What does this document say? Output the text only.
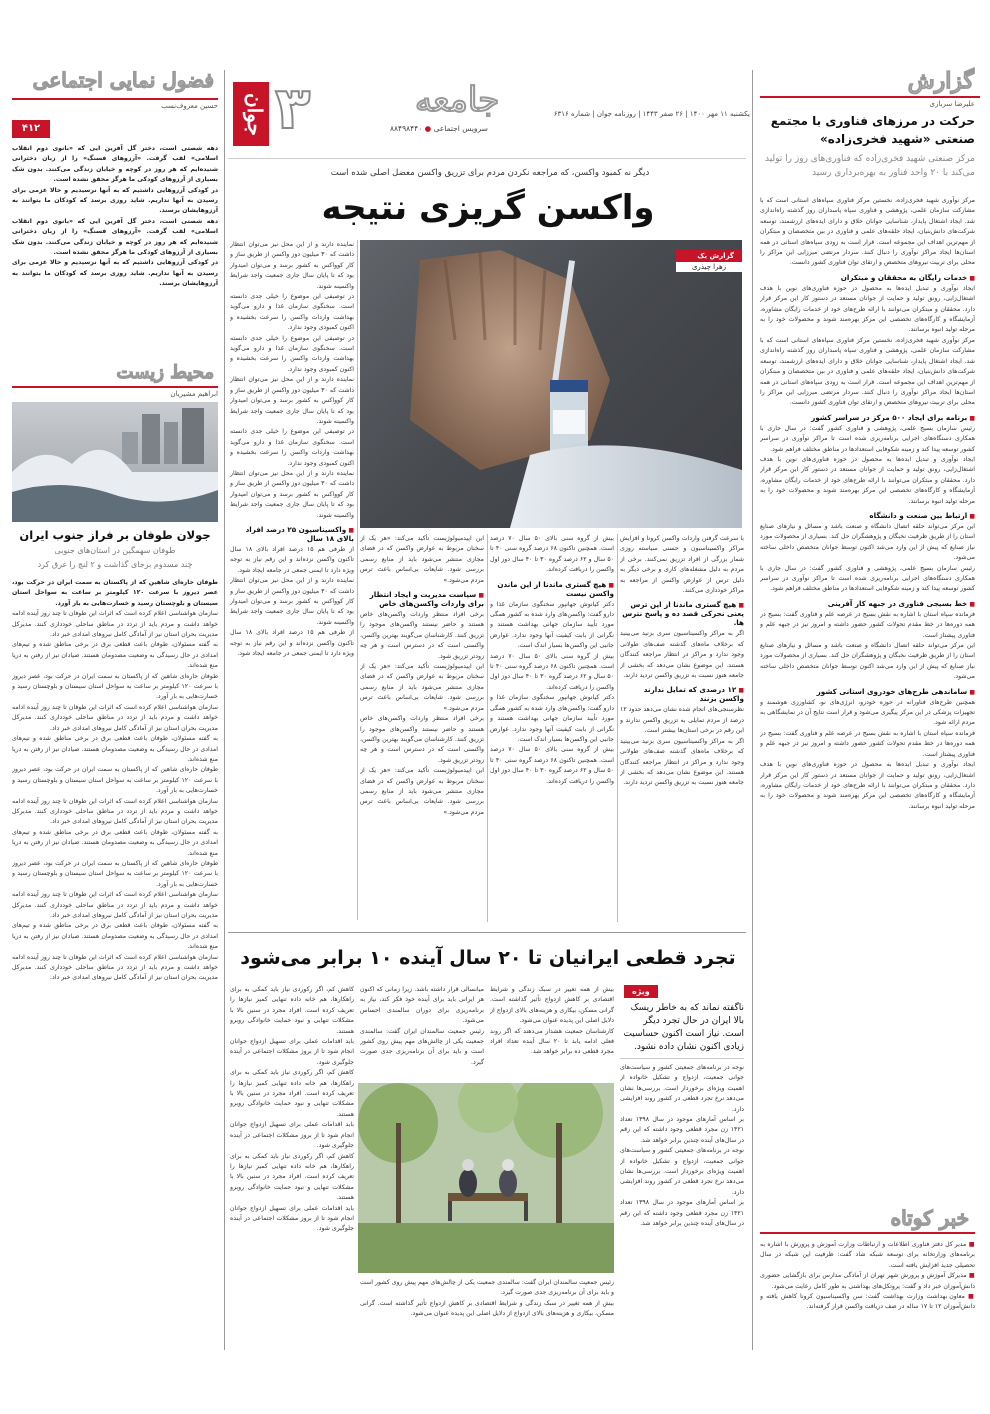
جوان ۳	جامعه
سرویس اجتماعی ● ۸۸۴۹۸۴۴۰
یکشنبه ۱۱ مهر ۱۴۰۰ | ۲۶ صفر ۱۴۴۳ | روزنامه جوان | شماره ۶۳۱۶
دیگر نه کمبود واکسن، که مراجعه نکردن مردم برای تزریق واکسن معضل اصلی شده است
واکسن گریزی نتیجه
گزارش یک
زهرا چیذری

نماینده دارند و از این محل نیز می‌توان انتظار داشت که ۳۰ میلیون دوز واکسن از طریق ساز و کار کوواکس به کشور برسد و می‌توان امیدوار بود که تا پایان سال جاری جمعیت واجد شرایط واکسینه شوند.

در توصیفی این موضوع را خیلی جدی دانسته است. سخنگوی سازمان غذا و دارو می‌گوید بهداشت واردات واکسن را سرعت بخشیده و اکنون کمبودی وجود ندارد.

در توصیفی این موضوع را خیلی جدی دانسته است. سخنگوی سازمان غذا و دارو می‌گوید بهداشت واردات واکسن را سرعت بخشیده و اکنون کمبودی وجود ندارد.

نماینده دارند و از این محل نیز می‌توان انتظار داشت که ۳۰ میلیون دوز واکسن از طریق ساز و کار کوواکس به کشور برسد و می‌توان امیدوار بود که تا پایان سال جاری جمعیت واجد شرایط واکسینه شوند.

در توصیفی این موضوع را خیلی جدی دانسته است. سخنگوی سازمان غذا و دارو می‌گوید بهداشت واردات واکسن را سرعت بخشیده و اکنون کمبودی وجود ندارد.

نماینده دارند و از این محل نیز می‌توان انتظار داشت که ۳۰ میلیون دوز واکسن از طریق ساز و کار کوواکس به کشور برسد و می‌توان امیدوار بود که تا پایان سال جاری جمعیت واجد شرایط واکسینه شوند.

■ واکسیناسیون ۲۵ درصد افراد بالای ۱۸ سال

از طرفی هم ۱۵ درصد افراد بالای ۱۸ سال تاکنون واکسن نزده‌اند و این رقم نیاز به توجه ویژه دارد تا ایمنی جمعی در جامعه ایجاد شود.

نماینده دارند و از این محل نیز می‌توان انتظار داشت که ۳۰ میلیون دوز واکسن از طریق ساز و کار کوواکس به کشور برسد و می‌توان امیدوار بود که تا پایان سال جاری جمعیت واجد شرایط واکسینه شوند.

از طرفی هم ۱۵ درصد افراد بالای ۱۸ سال تاکنون واکسن نزده‌اند و این رقم نیاز به توجه ویژه دارد تا ایمنی جمعی در جامعه ایجاد شود.

این اپیدمیولوژیست تأکید می‌کند: «هر یک از سخنان مربوط به عوارض واکسن که در فضای مجازی منتشر می‌شود باید از منابع رسمی بررسی شود. شایعات بی‌اساس باعث ترس مردم می‌شود.»

■ سیاست مدیریت و ایجاد انتظار برای واردات واکسن‌های خاص

برخی افراد منتظر واردات واکسن‌های خاص هستند و حاضر نیستند واکسن‌های موجود را تزریق کنند. کارشناسان می‌گویند بهترین واکسن، واکسنی است که در دسترس است و هر چه زودتر تزریق شود.

این اپیدمیولوژیست تأکید می‌کند: «هر یک از سخنان مربوط به عوارض واکسن که در فضای مجازی منتشر می‌شود باید از منابع رسمی بررسی شود. شایعات بی‌اساس باعث ترس مردم می‌شود.»

برخی افراد منتظر واردات واکسن‌های خاص هستند و حاضر نیستند واکسن‌های موجود را تزریق کنند. کارشناسان می‌گویند بهترین واکسن، واکسنی است که در دسترس است و هر چه زودتر تزریق شود.

این اپیدمیولوژیست تأکید می‌کند: «هر یک از سخنان مربوط به عوارض واکسن که در فضای مجازی منتشر می‌شود باید از منابع رسمی بررسی شود. شایعات بی‌اساس باعث ترس مردم می‌شود.»

بیش از گروه سنی بالای ۵۰ سال ۷۰ درصد است. همچنین تاکنون ۶۸ درصد گروه سنی ۴۰ تا ۵۰ سال و ۶۲ درصد گروه ۳۰ تا ۴۰ سال دوز اول واکسن را دریافت کرده‌اند.

■ هیچ گستری ماندنا از این ماندن واکسن نیست

دکتر کیانوش جهانپور سخنگوی سازمان غذا و دارو گفت: واکسن‌های وارد شده به کشور همگی مورد تأیید سازمان جهانی بهداشت هستند و نگرانی از بابت کیفیت آنها وجود ندارد. عوارض جانبی این واکسن‌ها بسیار اندک است.

بیش از گروه سنی بالای ۵۰ سال ۷۰ درصد است. همچنین تاکنون ۶۸ درصد گروه سنی ۴۰ تا ۵۰ سال و ۶۲ درصد گروه ۳۰ تا ۴۰ سال دوز اول واکسن را دریافت کرده‌اند.

دکتر کیانوش جهانپور سخنگوی سازمان غذا و دارو گفت: واکسن‌های وارد شده به کشور همگی مورد تأیید سازمان جهانی بهداشت هستند و نگرانی از بابت کیفیت آنها وجود ندارد. عوارض جانبی این واکسن‌ها بسیار اندک است.

بیش از گروه سنی بالای ۵۰ سال ۷۰ درصد است. همچنین تاکنون ۶۸ درصد گروه سنی ۴۰ تا ۵۰ سال و ۶۲ درصد گروه ۳۰ تا ۴۰ سال دوز اول واکسن را دریافت کرده‌اند.

با سرعت گرفتن واردات واکسن کرونا و افزایش مراکز واکسیناسیون و حسنی سیاسته روزی شمار بزرگی از افراد تزریق نمی‌کنند. برخی از مردم به دلیل مشغله‌های کاری و برخی دیگر به دلیل ترس از عوارض واکسن از مراجعه به مراکز خودداری می‌کنند.

■ هیچ گستری ماندنا از این ترس یعنی نحرکی قصد ده و پاسخ نترس ها.

اگر به مراکز واکسیناسیون سری بزنید می‌بینید که برخلاف ماه‌های گذشته صف‌های طولانی وجود ندارد و مراکز در انتظار مراجعه کنندگان هستند. این موضوع نشان می‌دهد که بخشی از جامعه هنوز نسبت به تزریق واکسن تردید دارند.

■ ۱۲ درصدی که تمایل ندارند واکسن بزنند

نظرسنجی‌های انجام شده نشان می‌دهد حدود ۱۲ درصد از مردم تمایلی به تزریق واکسن ندارند و این رقم در برخی استان‌ها بیشتر است.

اگر به مراکز واکسیناسیون سری بزنید می‌بینید که برخلاف ماه‌های گذشته صف‌های طولانی وجود ندارد و مراکز در انتظار مراجعه کنندگان هستند. این موضوع نشان می‌دهد که بخشی از جامعه هنوز نسبت به تزریق واکسن تردید دارند.

تجرد قطعی ایرانیان تا ۲۰ سال آینده ۱۰ برابر می‌شود

کاهش کم، اگر رکوردی نیاز باید کمکی به برای راهکارها، هم خانه داده تنهایی کمیز نیازها را تعریف کرده است. افراد مجرد در سنین بالا با مشکلات تنهایی و نبود حمایت خانوادگی روبرو هستند.

باید اقدامات عملی برای تسهیل ازدواج جوانان انجام شود تا از بروز مشکلات اجتماعی در آینده جلوگیری شود.

کاهش کم، اگر رکوردی نیاز باید کمکی به برای راهکارها، هم خانه داده تنهایی کمیز نیازها را تعریف کرده است. افراد مجرد در سنین بالا با مشکلات تنهایی و نبود حمایت خانوادگی روبرو هستند.

باید اقدامات عملی برای تسهیل ازدواج جوانان انجام شود تا از بروز مشکلات اجتماعی در آینده جلوگیری شود.

کاهش کم، اگر رکوردی نیاز باید کمکی به برای راهکارها، هم خانه داده تنهایی کمیز نیازها را تعریف کرده است. افراد مجرد در سنین بالا با مشکلات تنهایی و نبود حمایت خانوادگی روبرو هستند.

باید اقدامات عملی برای تسهیل ازدواج جوانان انجام شود تا از بروز مشکلات اجتماعی در آینده جلوگیری شود.

میانسالی قرار داشته باشد. زیرا زمانی که اکنون هر ایرانی باید برای آینده خود فکر کند، نیاز به برنامه‌ریزی برای دوران سالمندی احساس می‌شود.

رئیس جمعیت سالمندان ایران گفت: سالمندی جمعیت یکی از چالش‌های مهم پیش روی کشور است و باید برای آن برنامه‌ریزی جدی صورت گیرد.

بیش از همه تغییر در سبک زندگی و شرایط اقتصادی بر کاهش ازدواج تأثیر گذاشته است. گرانی مسکن، بیکاری و هزینه‌های بالای ازدواج از دلایل اصلی این پدیده عنوان می‌شود.

کارشناسان جمعیت هشدار می‌دهند که اگر روند فعلی ادامه یابد تا ۲۰ سال آینده تعداد افراد مجرد قطعی ده برابر خواهد شد.

ویژه

ناگفته نماند که به خاطر ریسک بالا ایران در حال تجرد دیگر است. نیاز است اکنون حساسیت زیادی اکنون نشان داده نشود.

نوجه در برنامه‌های جمعیتی کشور و سیاست‌های جوانی جمعیت، ازدواج و تشکیل خانواده از اهمیت ویژه‌ای برخوردار است. بررسی‌ها نشان می‌دهد نرخ تجرد قطعی در کشور روند افزایشی دارد.

بر اساس آمارهای موجود در سال ۱۳۹۸ تعداد ۱۴۲۱ زن مجرد قطعی وجود داشته که این رقم در سال‌های آینده چندین برابر خواهد شد.

نوجه در برنامه‌های جمعیتی کشور و سیاست‌های جوانی جمعیت، ازدواج و تشکیل خانواده از اهمیت ویژه‌ای برخوردار است. بررسی‌ها نشان می‌دهد نرخ تجرد قطعی در کشور روند افزایشی دارد.

بر اساس آمارهای موجود در سال ۱۳۹۸ تعداد ۱۴۲۱ زن مجرد قطعی وجود داشته که این رقم در سال‌های آینده چندین برابر خواهد شد.

رئیس جمعیت سالمندان ایران گفت: سالمندی جمعیت یکی از چالش‌های مهم پیش روی کشور است و باید برای آن برنامه‌ریزی جدی صورت گیرد.

بیش از همه تغییر در سبک زندگی و شرایط اقتصادی بر کاهش ازدواج تأثیر گذاشته است. گرانی مسکن، بیکاری و هزینه‌های بالای ازدواج از دلایل اصلی این پدیده عنوان می‌شود.

گزارش
علیرضا سربازی
حرکت در مرزهای فناوری با مجتمع صنعتی «شهید فخری‌زاده»
مرکز صنعتی شهید فخری‌زاده که فناوری‌های روز را تولید می‌کند با ۲۰ واحد فناور به بهره‌برداری رسید

مرکز نوآوری شهید فخری‌زاده، نخستین مرکز فناوری سپاه‌های استانی است که با مشارکت سازمان علمی، پژوهشی و فناوری سپاه پاسداران روز گذشته راه‌اندازی شد. ایجاد اشتغال پایدار، شناسایی جوانان خلاق و دارای ایده‌های ارزشمند، توسعه شرکت‌های دانش‌بنیان، ایجاد حلقه‌های علمی و فناوری در بین متخصصان و مبتکران از مهم‌ترین اهداف این مجموعه است. قرار است به زودی سپاه‌های استانی در همه استان‌ها ایجاد مراکز نوآوری را دنبال کنند. سردار مرتضی میرزایی این مراکز را محلی برای تربیت نیروهای متخصص و ارتقای توان فناوری کشور دانست.

■ خدمات رایگان به محققان و مبتکران

ایجاد نوآوری و تبدیل ایده‌ها به محصول در حوزه فناوری‌های نوین با هدف اشتغال‌زایی، رونق تولید و حمایت از جوانان مستعد در دستور کار این مرکز قرار دارد. محققان و مبتکران می‌توانند با ارائه طرح‌های خود از خدمات رایگان مشاوره، آزمایشگاه و کارگاه‌های تخصصی این مرکز بهره‌مند شوند و محصولات خود را به مرحله تولید انبوه برسانند.

مرکز نوآوری شهید فخری‌زاده، نخستین مرکز فناوری سپاه‌های استانی است که با مشارکت سازمان علمی، پژوهشی و فناوری سپاه پاسداران روز گذشته راه‌اندازی شد. ایجاد اشتغال پایدار، شناسایی جوانان خلاق و دارای ایده‌های ارزشمند، توسعه شرکت‌های دانش‌بنیان، ایجاد حلقه‌های علمی و فناوری در بین متخصصان و مبتکران از مهم‌ترین اهداف این مجموعه است. قرار است به زودی سپاه‌های استانی در همه استان‌ها ایجاد مراکز نوآوری را دنبال کنند. سردار مرتضی میرزایی این مراکز را محلی برای تربیت نیروهای متخصص و ارتقای توان فناوری کشور دانست.

■ برنامه برای ایجاد ۵۰۰ مرکز در سراسر کشور

رئیس سازمان بسیج علمی، پژوهشی و فناوری کشور گفت: در سال جاری با همکاری دستگاه‌های اجرایی برنامه‌ریزی شده است تا مراکز نوآوری در سراسر کشور توسعه پیدا کند و زمینه شکوفایی استعدادها در مناطق مختلف فراهم شود.

ایجاد نوآوری و تبدیل ایده‌ها به محصول در حوزه فناوری‌های نوین با هدف اشتغال‌زایی، رونق تولید و حمایت از جوانان مستعد در دستور کار این مرکز قرار دارد. محققان و مبتکران می‌توانند با ارائه طرح‌های خود از خدمات رایگان مشاوره، آزمایشگاه و کارگاه‌های تخصصی این مرکز بهره‌مند شوند و محصولات خود را به مرحله تولید انبوه برسانند.

■ ارتباط بین صنعت و دانشگاه

این مرکز می‌تواند حلقه اتصال دانشگاه و صنعت باشد و مسائل و نیازهای صنایع استان را از طریق ظرفیت نخبگان و پژوهشگران حل کند. بسیاری از محصولات مورد نیاز صنایع که پیش از این وارد می‌شد اکنون توسط جوانان متخصص داخلی ساخته می‌شود.

رئیس سازمان بسیج علمی، پژوهشی و فناوری کشور گفت: در سال جاری با همکاری دستگاه‌های اجرایی برنامه‌ریزی شده است تا مراکز نوآوری در سراسر کشور توسعه پیدا کند و زمینه شکوفایی استعدادها در مناطق مختلف فراهم شود.

■ خط بسیجی فناوری در جبهه کار آفرینی

فرمانده سپاه استان با اشاره به نقش بسیج در عرصه علم و فناوری گفت: بسیج در همه دوره‌ها در خط مقدم تحولات کشور حضور داشته و امروز نیز در جبهه علم و فناوری پیشتاز است.

این مرکز می‌تواند حلقه اتصال دانشگاه و صنعت باشد و مسائل و نیازهای صنایع استان را از طریق ظرفیت نخبگان و پژوهشگران حل کند. بسیاری از محصولات مورد نیاز صنایع که پیش از این وارد می‌شد اکنون توسط جوانان متخصص داخلی ساخته می‌شود.

■ ساماندهی طرح‌های خودروی استانی کشور

همچنین طرح‌های فناورانه در حوزه خودرو، انرژی‌های نو، کشاورزی هوشمند و تجهیزات پزشکی در این مرکز پیگیری می‌شود و قرار است نتایج آن در نمایشگاهی به مردم ارائه شود.

فرمانده سپاه استان با اشاره به نقش بسیج در عرصه علم و فناوری گفت: بسیج در همه دوره‌ها در خط مقدم تحولات کشور حضور داشته و امروز نیز در جبهه علم و فناوری پیشتاز است.

ایجاد نوآوری و تبدیل ایده‌ها به محصول در حوزه فناوری‌های نوین با هدف اشتغال‌زایی، رونق تولید و حمایت از جوانان مستعد در دستور کار این مرکز قرار دارد. محققان و مبتکران می‌توانند با ارائه طرح‌های خود از خدمات رایگان مشاوره، آزمایشگاه و کارگاه‌های تخصصی این مرکز بهره‌مند شوند و محصولات خود را به مرحله تولید انبوه برسانند.

خبر کوتاه

■ مدیر کل دفتر فناوری اطلاعات و ارتباطات وزارت آموزش و پرورش با اشاره به برنامه‌های وزارتخانه برای توسعه شبکه شاد گفت: ظرفیت این شبکه در سال تحصیلی جدید افزایش یافته است.

■ مدیرکل آموزش و پرورش شهر تهران از آمادگی مدارس برای بازگشایی حضوری دانش‌آموزان خبر داد و گفت: پروتکل‌های بهداشتی به طور کامل رعایت می‌شود.

■ معاون بهداشت وزارت بهداشت گفت: سن واکسیناسیون کرونا کاهش یافته و دانش‌آموزان ۱۲ تا ۱۷ ساله در صف دریافت واکسن قرار گرفته‌اند.

فضول نمایی اجتماعی
حسین معروف‌نسب
۴۱۲

دهه شصتی است، دختر گل آفرین ایی که «بانوی دوم انقلاب اسلامی» لقب گرفت. «آرزوهای فسنگ» را از زبان دخترانی شنیده‌ایم که هر روز در کوچه و خیابان زندگی می‌کنند. بدون شک بسیاری از آرزوهای کودکی ما هرگز محقق نشده است.

در کودکی آرزوهایی داشتیم که به آنها نرسیدیم و حالا عزمی برای رسیدن به آنها نداریم. شاید روزی برسد که کودکان ما بتوانند به آرزوهایشان برسند.

دهه شصتی است، دختر گل آفرین ایی که «بانوی دوم انقلاب اسلامی» لقب گرفت. «آرزوهای فسنگ» را از زبان دخترانی شنیده‌ایم که هر روز در کوچه و خیابان زندگی می‌کنند. بدون شک بسیاری از آرزوهای کودکی ما هرگز محقق نشده است.

در کودکی آرزوهایی داشتیم که به آنها نرسیدیم و حالا عزمی برای رسیدن به آنها نداریم. شاید روزی برسد که کودکان ما بتوانند به آرزوهایشان برسند.

محیط زیست
ابراهیم مشیریان
جولان طوفان بر فراز جنوب ایران
طوفان سهمگین در استان‌های جنوبی
چند مسدوم برجای گذاشت و ۲ لنچ را غرق کرد

طوفان حاره‌ای شاهین که از پاکستان به سمت ایران در حرکت بود، عصر دیروز با سرعت ۱۲۰ کیلومتر بر ساعت به سواحل استان سیستان و بلوچستان رسید و خسارت‌هایی به بار آورد.

سازمان هواشناسی اعلام کرده است که اثرات این طوفان تا چند روز آینده ادامه خواهد داشت و مردم باید از تردد در مناطق ساحلی خودداری کنند. مدیرکل مدیریت بحران استان نیز از آمادگی کامل نیروهای امدادی خبر داد.

به گفته مسئولان، طوفان باعث قطعی برق در برخی مناطق شده و تیم‌های امدادی در حال رسیدگی به وضعیت مصدومان هستند. صیادان نیز از رفتن به دریا منع شده‌اند.

طوفان حاره‌ای شاهین که از پاکستان به سمت ایران در حرکت بود، عصر دیروز با سرعت ۱۲۰ کیلومتر بر ساعت به سواحل استان سیستان و بلوچستان رسید و خسارت‌هایی به بار آورد.

سازمان هواشناسی اعلام کرده است که اثرات این طوفان تا چند روز آینده ادامه خواهد داشت و مردم باید از تردد در مناطق ساحلی خودداری کنند. مدیرکل مدیریت بحران استان نیز از آمادگی کامل نیروهای امدادی خبر داد.

به گفته مسئولان، طوفان باعث قطعی برق در برخی مناطق شده و تیم‌های امدادی در حال رسیدگی به وضعیت مصدومان هستند. صیادان نیز از رفتن به دریا منع شده‌اند.

طوفان حاره‌ای شاهین که از پاکستان به سمت ایران در حرکت بود، عصر دیروز با سرعت ۱۲۰ کیلومتر بر ساعت به سواحل استان سیستان و بلوچستان رسید و خسارت‌هایی به بار آورد.

سازمان هواشناسی اعلام کرده است که اثرات این طوفان تا چند روز آینده ادامه خواهد داشت و مردم باید از تردد در مناطق ساحلی خودداری کنند. مدیرکل مدیریت بحران استان نیز از آمادگی کامل نیروهای امدادی خبر داد.

به گفته مسئولان، طوفان باعث قطعی برق در برخی مناطق شده و تیم‌های امدادی در حال رسیدگی به وضعیت مصدومان هستند. صیادان نیز از رفتن به دریا منع شده‌اند.

طوفان حاره‌ای شاهین که از پاکستان به سمت ایران در حرکت بود، عصر دیروز با سرعت ۱۲۰ کیلومتر بر ساعت به سواحل استان سیستان و بلوچستان رسید و خسارت‌هایی به بار آورد.

سازمان هواشناسی اعلام کرده است که اثرات این طوفان تا چند روز آینده ادامه خواهد داشت و مردم باید از تردد در مناطق ساحلی خودداری کنند. مدیرکل مدیریت بحران استان نیز از آمادگی کامل نیروهای امدادی خبر داد.

به گفته مسئولان، طوفان باعث قطعی برق در برخی مناطق شده و تیم‌های امدادی در حال رسیدگی به وضعیت مصدومان هستند. صیادان نیز از رفتن به دریا منع شده‌اند.

سازمان هواشناسی اعلام کرده است که اثرات این طوفان تا چند روز آینده ادامه خواهد داشت و مردم باید از تردد در مناطق ساحلی خودداری کنند. مدیرکل مدیریت بحران استان نیز از آمادگی کامل نیروهای امدادی خبر داد.
